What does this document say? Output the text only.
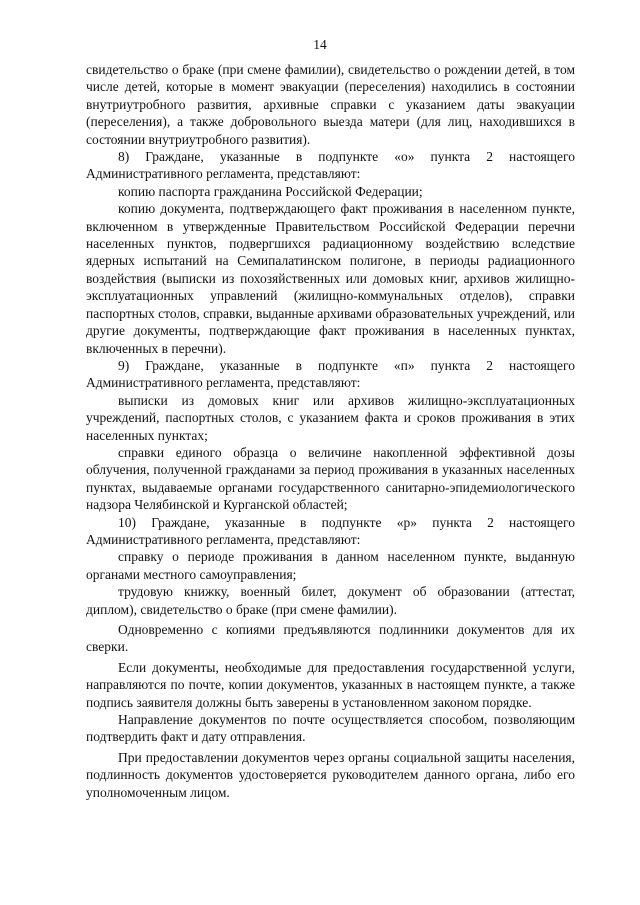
14

свидетельство о браке (при смене фамилии), свидетельство о рождении детей, в том числе детей, которые в момент эвакуации (переселения) находились в состоянии внутриутробного развития, архивные справки с указанием даты эвакуации (переселения), а также добровольного выезда матери (для лиц, находившихся в состоянии внутриутробного развития).

8) Граждане, указанные в подпункте «о» пункта 2 настоящего Административного регламента, представляют:

копию паспорта гражданина Российской Федерации;

копию документа, подтверждающего факт проживания в населенном пункте, включенном в утвержденные Правительством Российской Федерации перечни населенных пунктов, подвергшихся радиационному воздействию вследствие ядерных испытаний на Семипалатинском полигоне, в периоды радиационного воздействия (выписки из похозяйственных или домовых книг, архивов жилищно-эксплуатационных управлений (жилищно-коммунальных отделов), справки паспортных столов, справки, выданные архивами образовательных учреждений, или другие документы, подтверждающие факт проживания в населенных пунктах, включенных в перечни).

9) Граждане, указанные в подпункте «п» пункта 2 настоящего Административного регламента, представляют:

выписки из домовых книг или архивов жилищно-эксплуатационных учреждений, паспортных столов, с указанием факта и сроков проживания в этих населенных пунктах;

справки единого образца о величине накопленной эффективной дозы облучения, полученной гражданами за период проживания в указанных населенных пунктах, выдаваемые органами государственного санитарно-эпидемиологического надзора Челябинской и Курганской областей;

10) Граждане, указанные в подпункте «р» пункта 2 настоящего Административного регламента, представляют:

справку о периоде проживания в данном населенном пункте, выданную органами местного самоуправления;

трудовую книжку, военный билет, документ об образовании (аттестат, диплом), свидетельство о браке (при смене фамилии).

Одновременно с копиями предъявляются подлинники документов для их сверки.

Если документы, необходимые для предоставления государственной услуги, направляются по почте, копии документов, указанных в настоящем пункте, а также подпись заявителя должны быть заверены в установленном законом порядке.

Направление документов по почте осуществляется способом, позволяющим подтвердить факт и дату отправления.

При предоставлении документов через органы социальной защиты населения, подлинность документов удостоверяется руководителем данного органа, либо его уполномоченным лицом.
